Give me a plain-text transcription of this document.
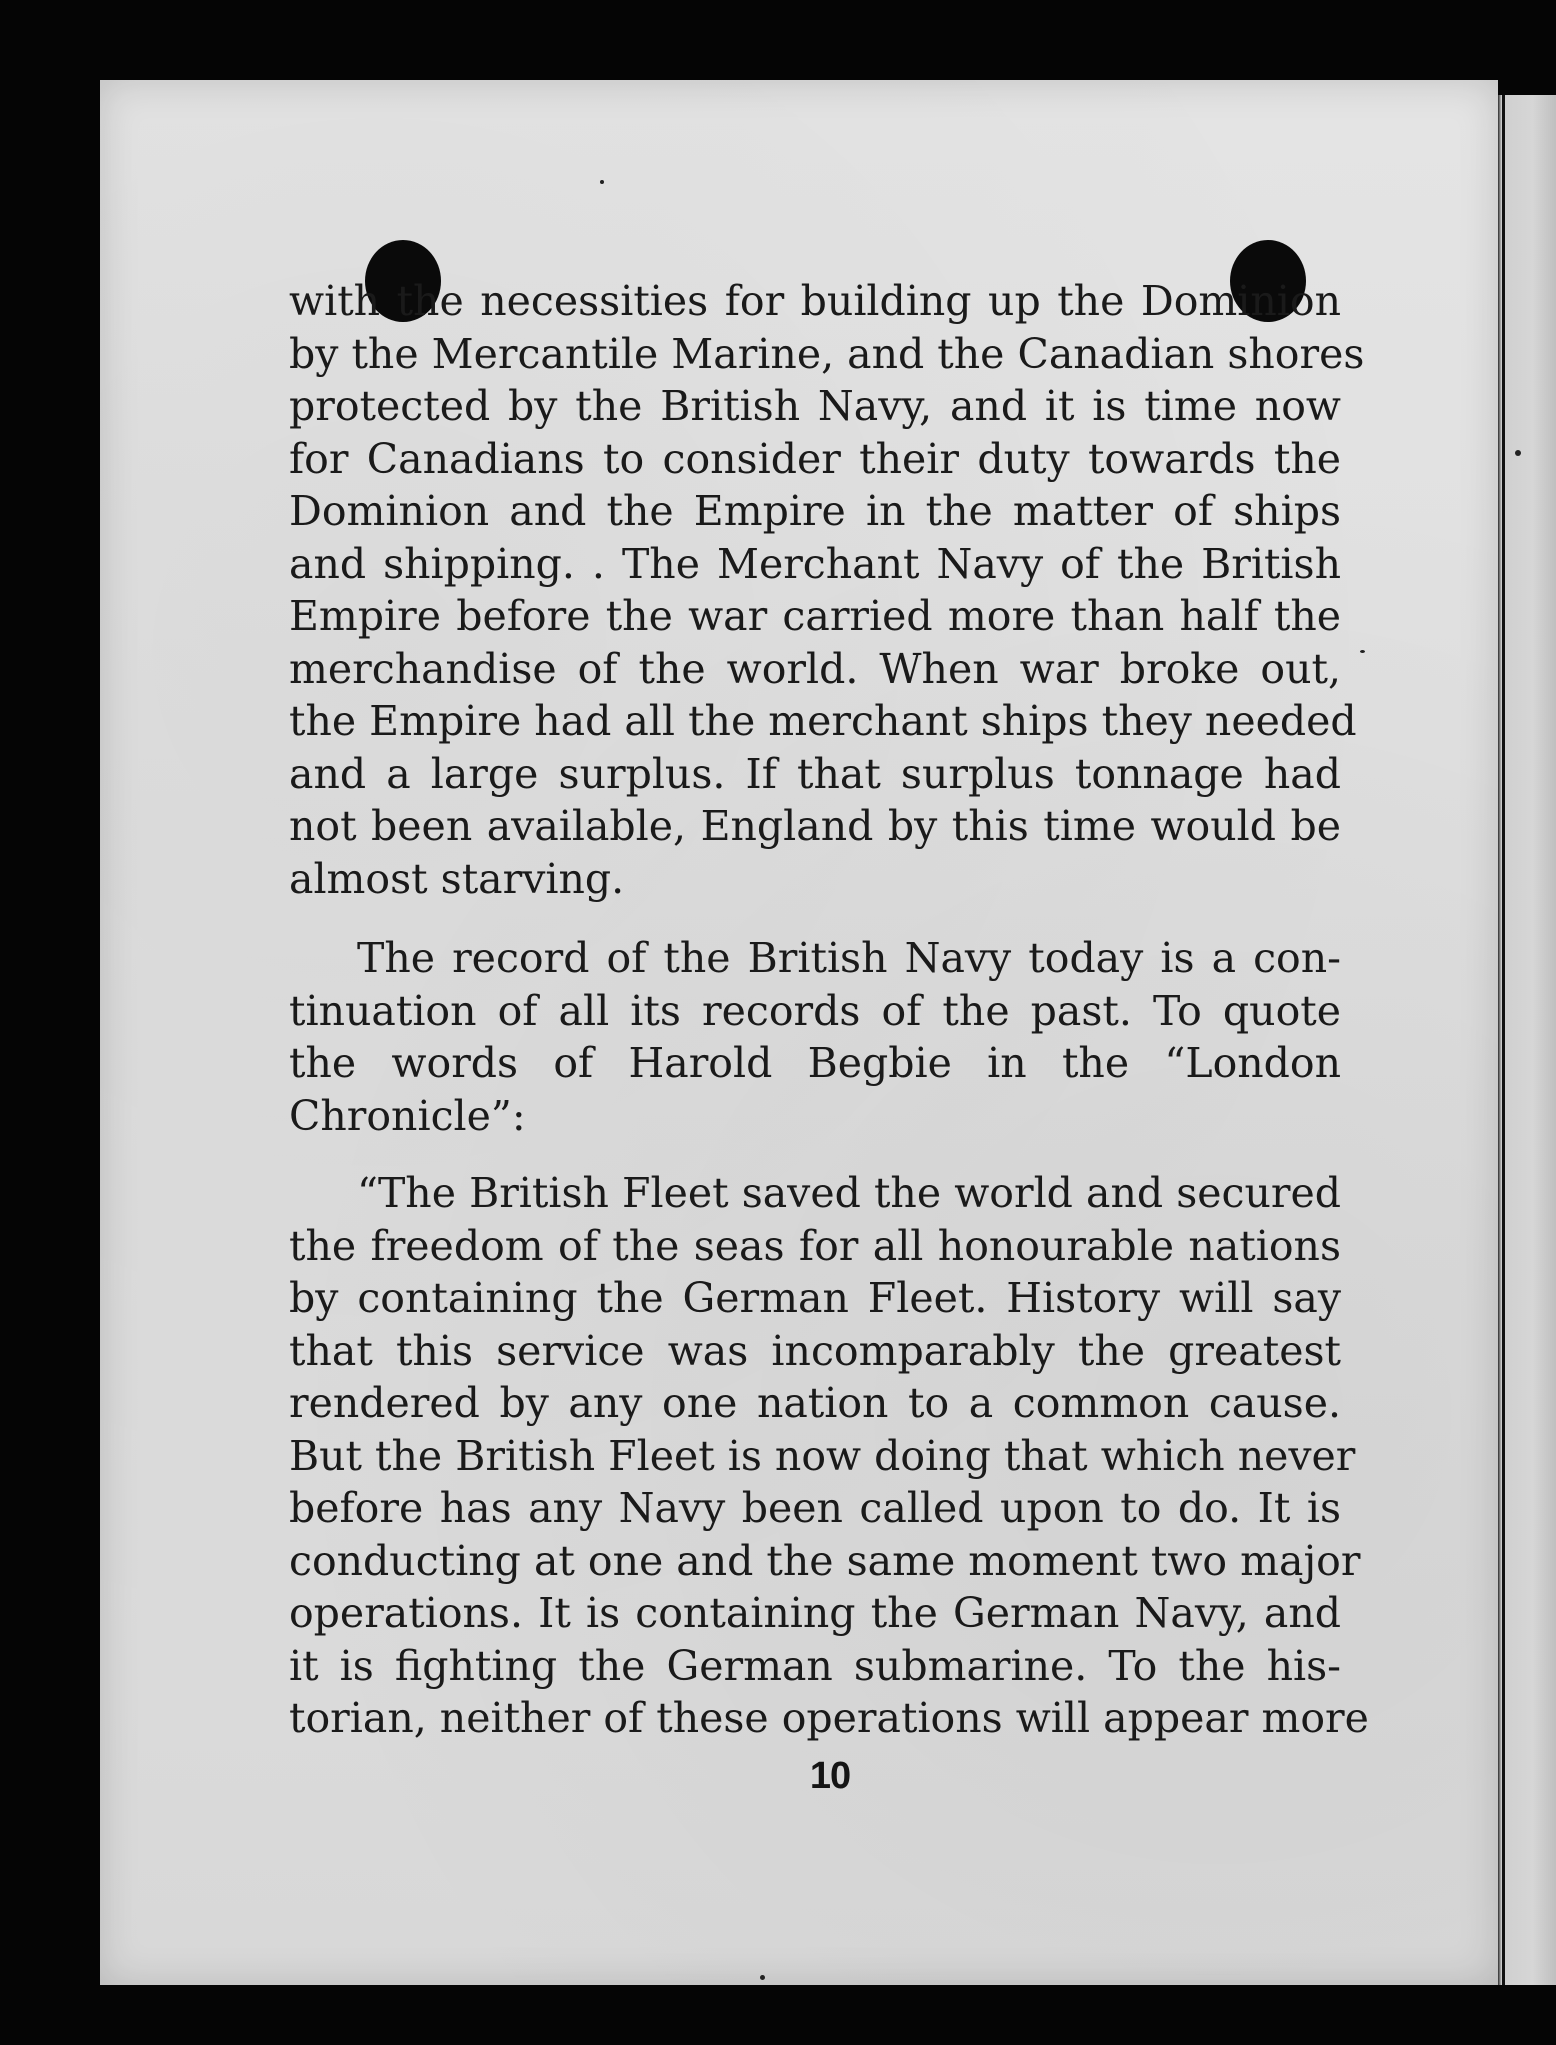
with the necessities for building up the Dominion
by the Mercantile Marine, and the Canadian shores
protected by the British Navy, and it is time now
for Canadians to consider their duty towards the
Dominion and the Empire in the matter of ships
and shipping. . The Merchant Navy of the British
Empire before the war carried more than half the
merchandise of the world. When war broke out,
the Empire had all the merchant ships they needed
and a large surplus. If that surplus tonnage had
not been available, England by this time would be
almost starving.
The record of the British Navy today is a con-
tinuation of all its records of the past. To quote
the words of Harold Begbie in the “London
Chronicle”:
“The British Fleet saved the world and secured
the freedom of the seas for all honourable nations
by containing the German Fleet. History will say
that this service was incomparably the greatest
rendered by any one nation to a common cause.
But the British Fleet is now doing that which never
before has any Navy been called upon to do. It is
conducting at one and the same moment two major
operations. It is containing the German Navy, and
it is fighting the German submarine. To the his-
torian, neither of these operations will appear more
10
